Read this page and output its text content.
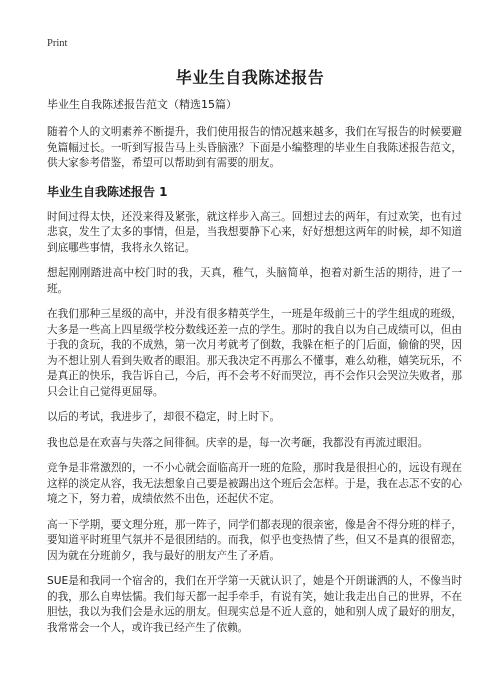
Print
毕业生自我陈述报告
毕业生自我陈述报告范文（精选15篇）

随着个人的文明素养不断提升，我们使用报告的情况越来越多，我们在写报告的时候要避免篇幅过长。一听到写报告马上头昏脑涨？下面是小编整理的毕业生自我陈述报告范文，供大家参考借鉴，希望可以帮助到有需要的朋友。

毕业生自我陈述报告 1

时间过得太快，还没来得及紧张，就这样步入高三。回想过去的两年，有过欢笑，也有过悲哀，发生了太多的事情，但是，当我想要静下心来，好好想想这两年的时候，却不知道到底哪些事情，我将永久铭记。

想起刚刚踏进高中校门时的我，天真，稚气，头脑简单，抱着对新生活的期待，进了一班。

在我们那种三星级的高中，并没有很多精英学生，一班是年级前三十的学生组成的班级，大多是一些高上四星级学校分数线还差一点的学生。那时的我自以为自己成绩可以，但由于我的贪玩，我的不成熟，第一次月考就考了倒数，我躲在柜子的门后面，偷偷的哭，因为不想让别人看到失败者的眼泪。那天我决定不再那么不懂事，难么幼稚，嬉笑玩乐，不是真正的快乐，我告诉自己，今后，再不会考不好而哭泣，再不会作只会哭泣失败者，那只会让自己觉得更屈辱。

以后的考试，我进步了，却很不稳定，时上时下。

我也总是在欢喜与失落之间徘徊。庆幸的是，每一次考砸，我都没有再流过眼泪。

竞争是非常激烈的，一不小心就会面临高开一班的危险，那时我是很担心的，远设有现在这样的淡定从容，我无法想象自己要是被踢出这个班后会怎样。于是，我在忐忑不安的心境之下，努力着，成绩依然不出色，还起伏不定。

高一下学期，要文理分班，那一阵子，同学们都表现的很亲密，像是舍不得分班的样子，要知道平时班里气氛并不是很团结的。而我，似乎也变热情了些，但又不是真的很留恋，因为就在分班前夕，我与最好的朋友产生了矛盾。

SUE是和我同一个宿舍的，我们在开学第一天就认识了，她是个开朗谦洒的人，不像当时的我，那么自卑怯懦。我们每天都一起手牵手，有说有笑，她让我走出自己的世界，不在胆怯，我以为我们会是永远的朋友。但现实总是不近人意的，她和别人成了最好的朋友，我常常会一个人，或许我已经产生了依赖。
